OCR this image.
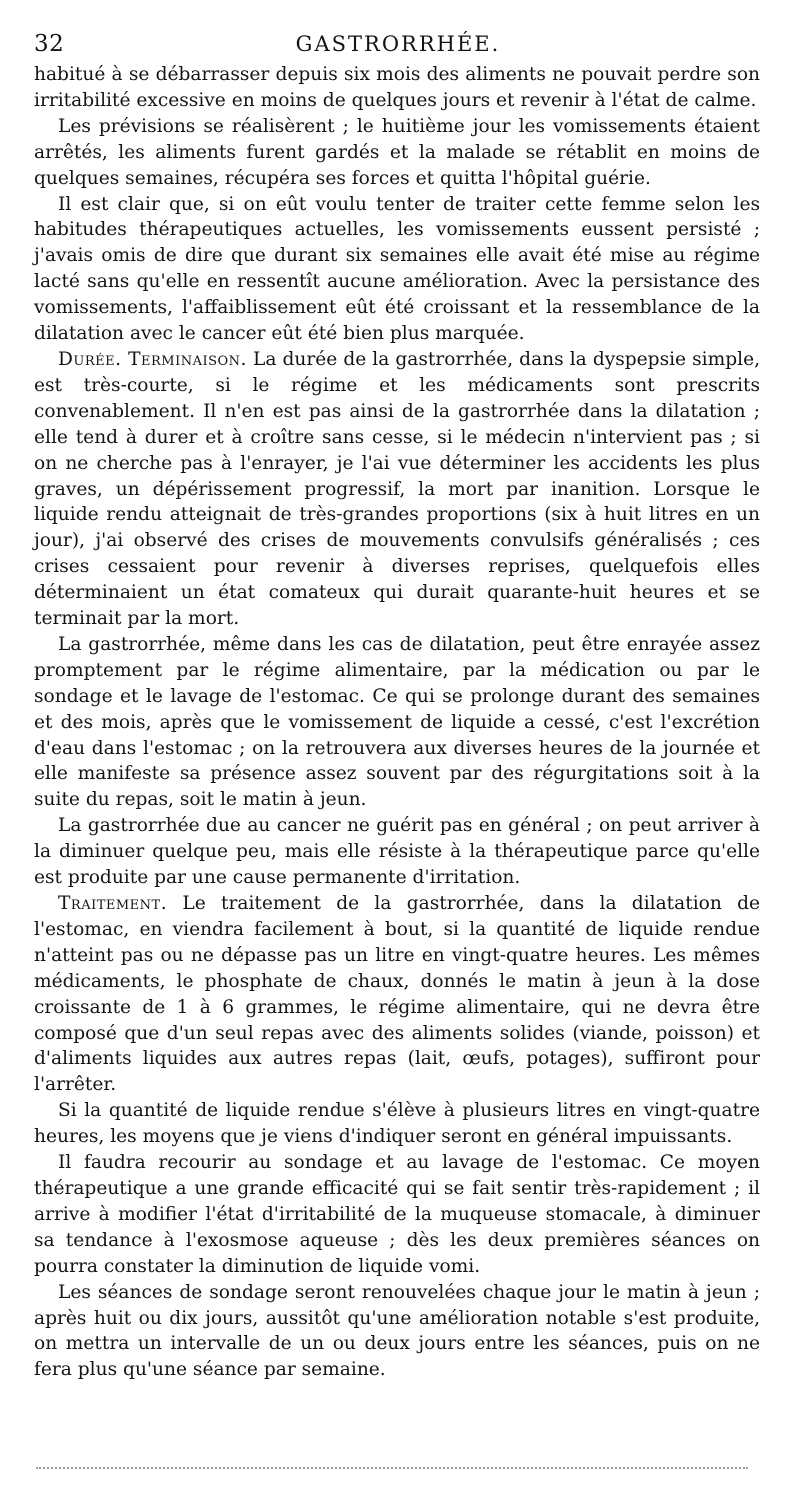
32	GASTRORRHÉE.

habitué à se débarrasser depuis six mois des aliments ne pouvait perdre son irritabilité excessive en moins de quelques jours et revenir à l'état de calme.

Les prévisions se réalisèrent ; le huitième jour les vomissements étaient arrêtés, les aliments furent gardés et la malade se rétablit en moins de quelques semaines, récupéra ses forces et quitta l'hôpital guérie.

Il est clair que, si on eût voulu tenter de traiter cette femme selon les habitudes thérapeutiques actuelles, les vomissements eussent persisté ; j'avais omis de dire que durant six semaines elle avait été mise au régime lacté sans qu'elle en ressentît aucune amélioration. Avec la persistance des vomissements, l'affaiblissement eût été croissant et la ressemblance de la dilatation avec le cancer eût été bien plus marquée.

Durée. Terminaison. La durée de la gastrorrhée, dans la dyspepsie simple, est très-courte, si le régime et les médicaments sont prescrits convenablement. Il n'en est pas ainsi de la gastrorrhée dans la dilatation ; elle tend à durer et à croître sans cesse, si le médecin n'intervient pas ; si on ne cherche pas à l'enrayer, je l'ai vue déterminer les accidents les plus graves, un dépérissement progressif, la mort par inanition. Lorsque le liquide rendu atteignait de très-grandes proportions (six à huit litres en un jour), j'ai observé des crises de mouvements convulsifs généralisés ; ces crises cessaient pour revenir à diverses reprises, quelquefois elles déterminaient un état comateux qui durait quarante-huit heures et se terminait par la mort.

La gastrorrhée, même dans les cas de dilatation, peut être enrayée assez promptement par le régime alimentaire, par la médication ou par le sondage et le lavage de l'estomac. Ce qui se prolonge durant des semaines et des mois, après que le vomissement de liquide a cessé, c'est l'excrétion d'eau dans l'estomac ; on la retrouvera aux diverses heures de la journée et elle manifeste sa présence assez souvent par des régurgitations soit à la suite du repas, soit le matin à jeun.

La gastrorrhée due au cancer ne guérit pas en général ; on peut arriver à la diminuer quelque peu, mais elle résiste à la thérapeutique parce qu'elle est produite par une cause permanente d'irritation.

Traitement. Le traitement de la gastrorrhée, dans la dilatation de l'estomac, en viendra facilement à bout, si la quantité de liquide rendue n'atteint pas ou ne dépasse pas un litre en vingt-quatre heures. Les mêmes médicaments, le phosphate de chaux, donnés le matin à jeun à la dose croissante de 1 à 6 grammes, le régime alimentaire, qui ne devra être composé que d'un seul repas avec des aliments solides (viande, poisson) et d'aliments liquides aux autres repas (lait, œufs, potages), suffiront pour l'arrêter.

Si la quantité de liquide rendue s'élève à plusieurs litres en vingt-quatre heures, les moyens que je viens d'indiquer seront en général impuissants.

Il faudra recourir au sondage et au lavage de l'estomac. Ce moyen thérapeutique a une grande efficacité qui se fait sentir très-rapidement ; il arrive à modifier l'état d'irritabilité de la muqueuse stomacale, à diminuer sa tendance à l'exosmose aqueuse ; dès les deux premières séances on pourra constater la diminution de liquide vomi.

Les séances de sondage seront renouvelées chaque jour le matin à jeun ; après huit ou dix jours, aussitôt qu'une amélioration notable s'est produite, on mettra un intervalle de un ou deux jours entre les séances, puis on ne fera plus qu'une séance par semaine.
